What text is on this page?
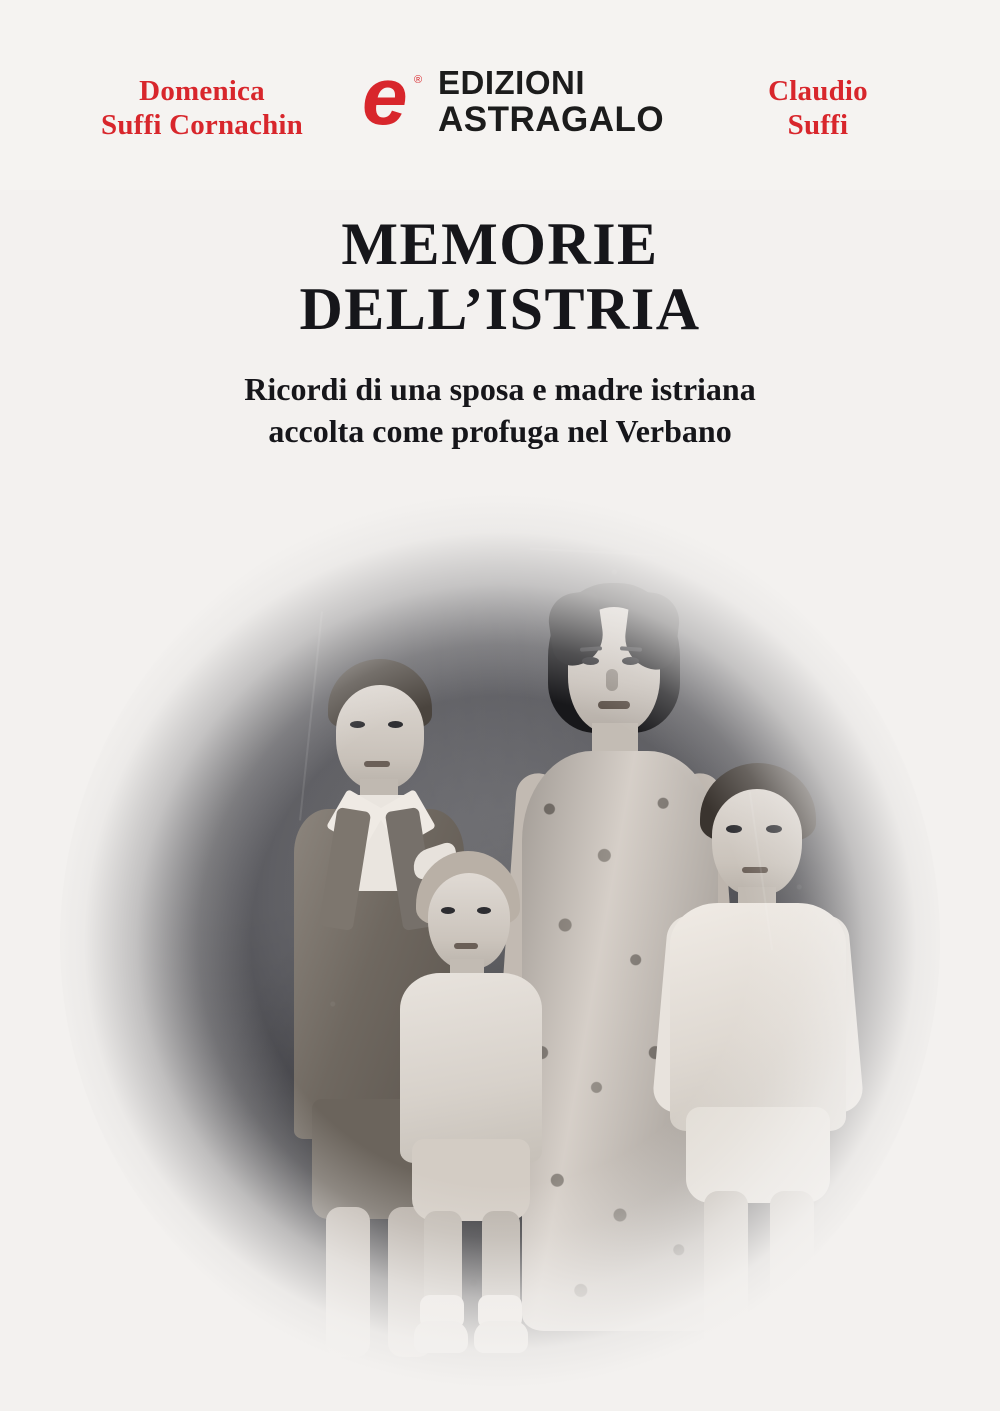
Domenica
Suffi Cornachin e ® EDIZIONI
ASTRAGALO
Claudio
Suffi
MEMORIE
DELL’ISTRIA
Ricordi di una sposa e madre istriana
accolta come profuga nel Verbano
